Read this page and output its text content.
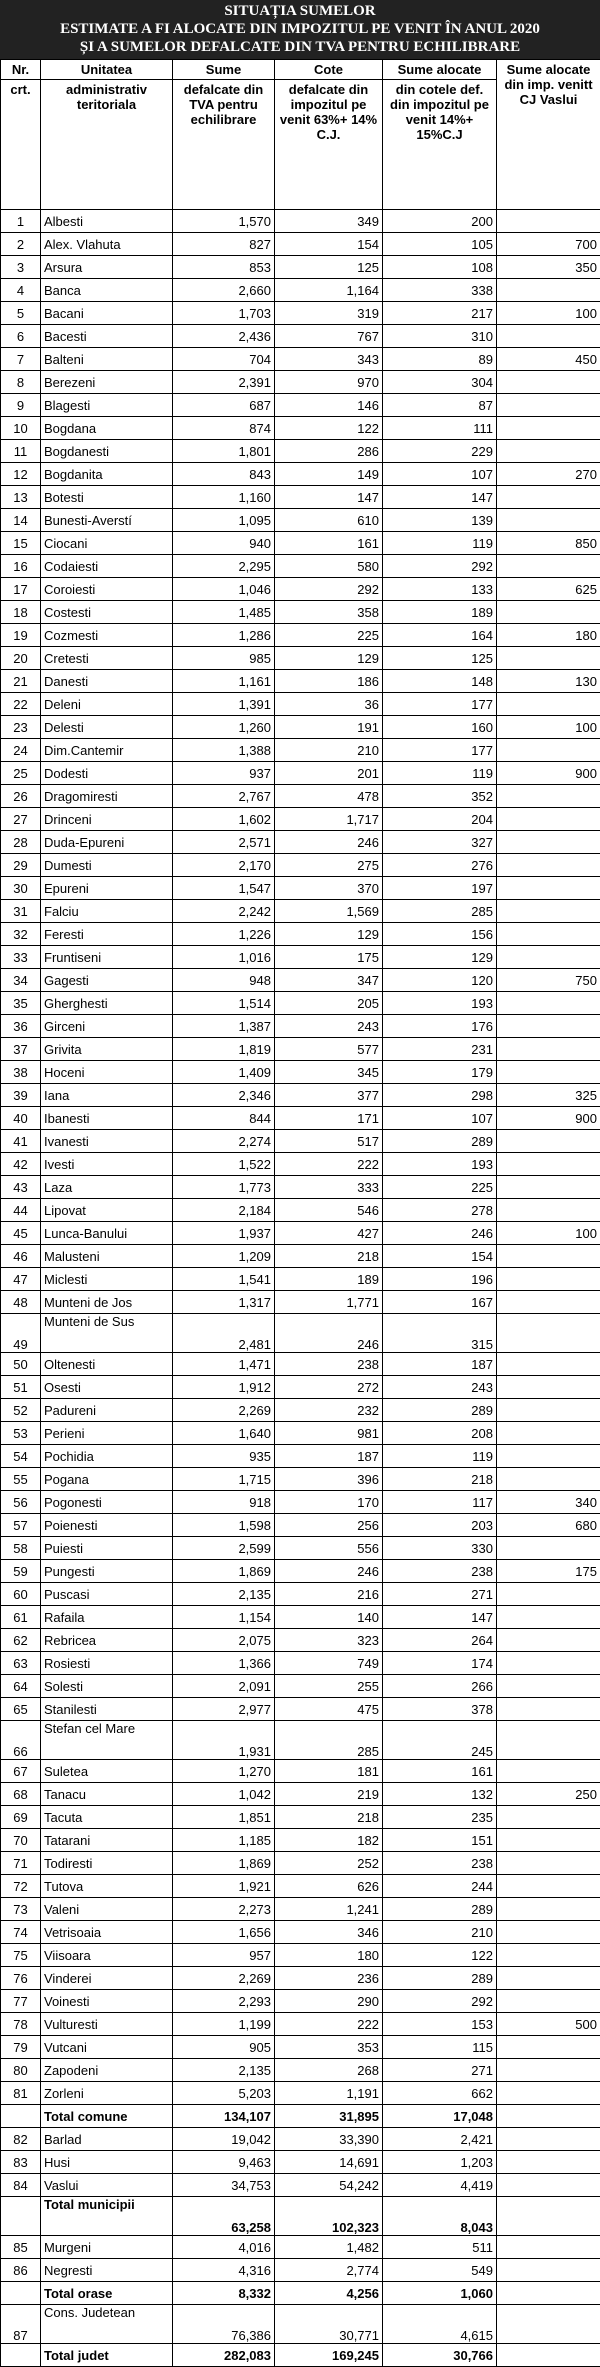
SITUAȚIA SUMELOR
ESTIMATE A FI ALOCATE DIN IMPOZITUL PE VENIT ÎN ANUL 2020
ȘI A SUMELOR DEFALCATE DIN TVA PENTRU ECHILIBRARE
Nr.	Unitatea	Sume	Cote	Sume alocate	Sume alocate din imp. venitt CJ Vaslui
crt.	administrativ teritoriala	defalcate din TVA pentru echilibrare	defalcate din impozitul pe venit 63%+ 14% C.J.	din cotele def. din impozitul pe venit 14%+ 15%C.J	
1	Albesti	1,570	349	200	
2	Alex. Vlahuta	827	154	105	700
3	Arsura	853	125	108	350
4	Banca	2,660	1,164	338	
5	Bacani	1,703	319	217	100
6	Bacesti	2,436	767	310	
7	Balteni	704	343	89	450
8	Berezeni	2,391	970	304	
9	Blagesti	687	146	87	
10	Bogdana	874	122	111	
11	Bogdanesti	1,801	286	229	
12	Bogdanita	843	149	107	270
13	Botesti	1,160	147	147	
14	Bunesti-Averstí	1,095	610	139	
15	Ciocani	940	161	119	850
16	Codaiesti	2,295	580	292	
17	Coroiesti	1,046	292	133	625
18	Costesti	1,485	358	189	
19	Cozmesti	1,286	225	164	180
20	Cretesti	985	129	125	
21	Danesti	1,161	186	148	130
22	Deleni	1,391	36	177	
23	Delesti	1,260	191	160	100
24	Dim.Cantemir	1,388	210	177	
25	Dodesti	937	201	119	900
26	Dragomiresti	2,767	478	352	
27	Drinceni	1,602	1,717	204	
28	Duda-Epureni	2,571	246	327	
29	Dumesti	2,170	275	276	
30	Epureni	1,547	370	197	
31	Falciu	2,242	1,569	285	
32	Feresti	1,226	129	156	
33	Fruntiseni	1,016	175	129	
34	Gagesti	948	347	120	750
35	Gherghesti	1,514	205	193	
36	Girceni	1,387	243	176	
37	Grivita	1,819	577	231	
38	Hoceni	1,409	345	179	
39	Iana	2,346	377	298	325
40	Ibanesti	844	171	107	900
41	Ivanesti	2,274	517	289	
42	Ivesti	1,522	222	193	
43	Laza	1,773	333	225	
44	Lipovat	2,184	546	278	
45	Lunca-Banului	1,937	427	246	100
46	Malusteni	1,209	218	154	
47	Miclesti	1,541	189	196	
48	Munteni de Jos	1,317	1,771	167	
49	Munteni de Sus	2,481	246	315	
50	Oltenesti	1,471	238	187	
51	Osesti	1,912	272	243	
52	Padureni	2,269	232	289	
53	Perieni	1,640	981	208	
54	Pochidia	935	187	119	
55	Pogana	1,715	396	218	
56	Pogonesti	918	170	117	340
57	Poienesti	1,598	256	203	680
58	Puiesti	2,599	556	330	
59	Pungesti	1,869	246	238	175
60	Puscasi	2,135	216	271	
61	Rafaila	1,154	140	147	
62	Rebricea	2,075	323	264	
63	Rosiesti	1,366	749	174	
64	Solesti	2,091	255	266	
65	Stanilesti	2,977	475	378	
66	Stefan cel Mare	1,931	285	245	
67	Suletea	1,270	181	161	
68	Tanacu	1,042	219	132	250
69	Tacuta	1,851	218	235	
70	Tatarani	1,185	182	151	
71	Todiresti	1,869	252	238	
72	Tutova	1,921	626	244	
73	Valeni	2,273	1,241	289	
74	Vetrisoaia	1,656	346	210	
75	Viisoara	957	180	122	
76	Vinderei	2,269	236	289	
77	Voinesti	2,293	290	292	
78	Vulturesti	1,199	222	153	500
79	Vutcani	905	353	115	
80	Zapodeni	2,135	268	271	
81	Zorleni	5,203	1,191	662	
	Total comune	134,107	31,895	17,048	
82	Barlad	19,042	33,390	2,421	
83	Husi	9,463	14,691	1,203	
84	Vaslui	34,753	54,242	4,419	
	Total municipii	63,258	102,323	8,043	
85	Murgeni	4,016	1,482	511	
86	Negresti	4,316	2,774	549	
	Total orase	8,332	4,256	1,060	
87	Cons. Judetean	76,386	30,771	4,615	
	Total judet	282,083	169,245	30,766	
